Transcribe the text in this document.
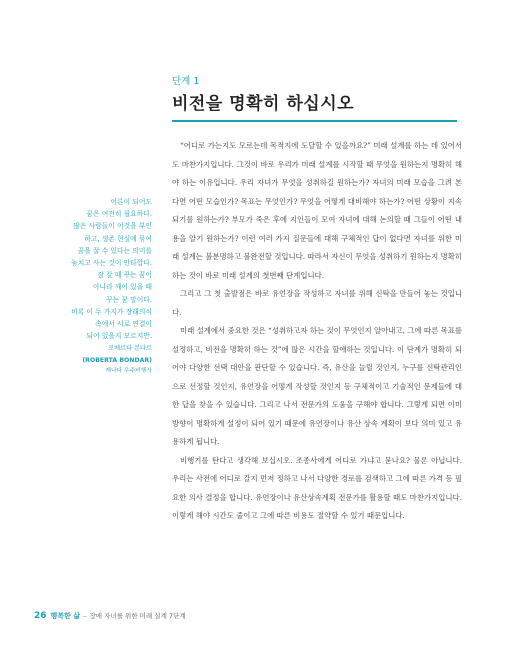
단계 1
비전을 명확히 하십시오
어른이 되어도
꿈은 여전히 필요하다.
많은 사람들이 이것을 부인
하고, 생존 현실에 묶여
꿈을 꿀 수 있다는 의미를
놓치고 사는 것이 안타깝다.
잠 잘 때 꾸는 꿈이
아니라 깨어 있을 때
꾸는 꿈 말이다.
비록 이 두 가지가 장래의식
속에서 서로 연결이
되어 있을지 모르지만.
로베르타 본다르
(ROBERTA BONDAR)
캐나다 우주비행사

“어디로 가는지도 모르는데 목적지에 도달할 수 있을까요?” 미래 설계를 하는 데 있어서도 마찬가지입니다. 그것이 바로 우리가 미래 설계를 시작할 때 무엇을 원하는지 명확히 해야 하는 이유입니다. 우리 자녀가 무엇을 성취하길 원하는가? 자녀의 미래 모습을 그려 본다면 어떤 모습인가? 목표는 무엇인가? 무엇을 어떻게 대비해야 하는가? 어떤 상황이 지속되기를 원하는가? 부모가 죽은 후에 지인들이 모여 자녀에 대해 논의할 때 그들이 어떤 내용을 알기 원하는가? 이런 여러 가지 질문들에 대해 구체적인 답이 없다면 자녀를 위한 미래 설계는 불분명하고 불완전할 것입니다. 따라서 자신이 무엇을 성취하기 원하는지 명확히 하는 것이 바로 미래 설계의 첫번째 단계입니다.

그리고 그 첫 출발점은 바로 유언장을 작성하고 자녀를 위해 신탁을 만들어 놓는 것입니다.

미래 설계에서 중요한 것은 “성취하고자 하는 것이 무엇인지 알아내고, 그에 따른 목표를 설정하고, 비전을 명확히 하는 것”에 많은 시간을 할애하는 것입니다. 이 단계가 명확히 되어야 다양한 선택 대안을 판단할 수 있습니다. 즉, 유산을 늘릴 것인지, 누구를 신탁관리인으로 선정할 것인지, 유언장을 어떻게 작성할 것인지 등 구체적이고 기술적인 문제들에 대한 답을 찾을 수 있습니다. 그리고 나서 전문가의 도움을 구해야 합니다. 그렇게 되면 이미 방향이 명확하게 설정이 되어 있기 때문에 유언장이나 유산 상속 계획이 보다 의미 있고 유용하게 됩니다.

비행기를 탄다고 생각해 보십시오. 조종사에게 어디로 가냐고 묻나요? 물론 아닙니다. 우리는 사전에 어디로 갈지 먼저 정하고 나서 다양한 경로를 검색하고 그에 따른 가격 등 필요한 의사 결정을 합니다. 유언장이나 유산상속계획 전문가를 활용할 때도 마찬가지입니다. 이렇게 해야 시간도 줄이고 그에 따른 비용도 절약할 수 있기 때문입니다.

26 행복한 삶 – 장애 자녀를 위한 미래 설계 7단계
